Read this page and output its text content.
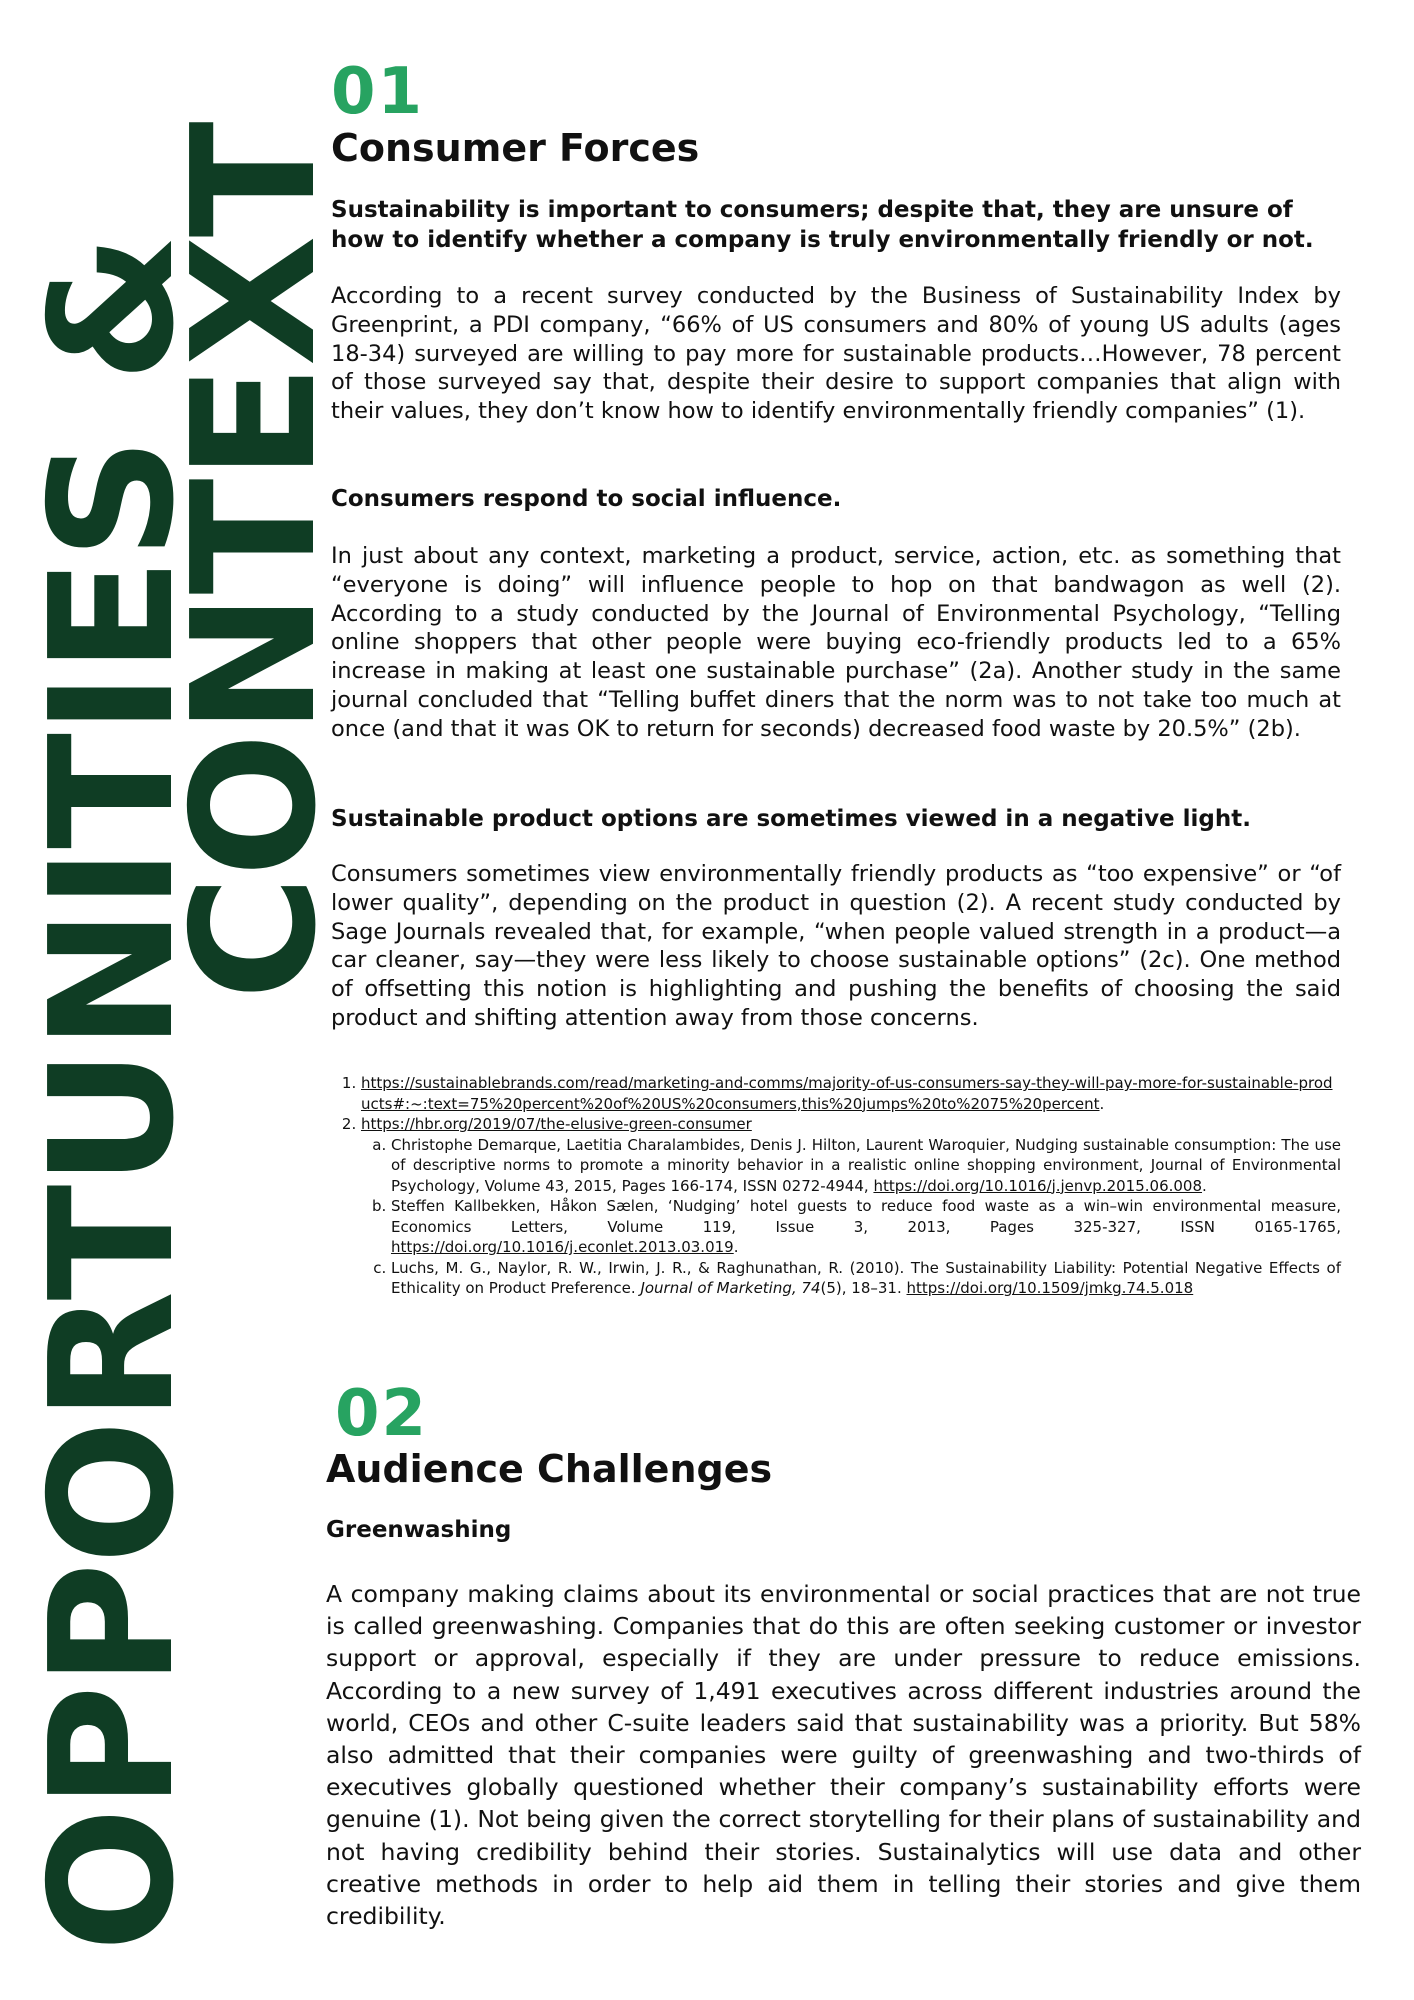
OPPORTUNITIES &
CONTEXT
01
Consumer Forces
Sustainability is important to consumers; despite that, they are unsure of how to identify whether a company is truly environmentally friendly or not.
According to a recent survey conducted by the Business of Sustainability Index by Greenprint, a PDI company, “66% of US consumers and 80% of young US adults (ages 18-34) surveyed are willing to pay more for sustainable products…However, 78 percent of those surveyed say that, despite their desire to support companies that align with their values, they don’t know how to identify environmentally friendly companies” (1).
Consumers respond to social influence.
In just about any context, marketing a product, service, action, etc. as something that “everyone is doing” will influence people to hop on that bandwagon as well (2). According to a study conducted by the Journal of Environmental Psychology, “Telling online shoppers that other people were buying eco-friendly products led to a 65% increase in making at least one sustainable purchase” (2a). Another study in the same journal concluded that “Telling buffet diners that the norm was to not take too much at once (and that it was OK to return for seconds) decreased food waste by 20.5%” (2b).
Sustainable product options are sometimes viewed in a negative light.
Consumers sometimes view environmentally friendly products as “too expensive” or “of lower quality”, depending on the product in question (2). A recent study conducted by Sage Journals revealed that, for example, “when people valued strength in a product—a car cleaner, say—they were less likely to choose sustainable options” (2c). One method of offsetting this notion is highlighting and pushing the benefits of choosing the said product and shifting attention away from those concerns.
1. https://sustainablebrands.com/read/marketing-and-comms/majority-of-us-consumers-say-they-will-pay-more-for-sustainable-products#:~:text=75%20percent%20of%20US%20consumers,this%20jumps%20to%2075%20percent.
2. https://hbr.org/2019/07/the-elusive-green-consumer
a. Christophe Demarque, Laetitia Charalambides, Denis J. Hilton, Laurent Waroquier, Nudging sustainable consumption: The use of descriptive norms to promote a minority behavior in a realistic online shopping environment, Journal of Environmental Psychology, Volume 43, 2015, Pages 166-174, ISSN 0272-4944, https://doi.org/10.1016/j.jenvp.2015.06.008.
b. Steffen Kallbekken, Håkon Sælen, ‘Nudging’ hotel guests to reduce food waste as a win–win environmental measure, Economics Letters, Volume 119, Issue 3, 2013, Pages 325-327, ISSN 0165-1765, https://doi.org/10.1016/j.econlet.2013.03.019.
c. Luchs, M. G., Naylor, R. W., Irwin, J. R., & Raghunathan, R. (2010). The Sustainability Liability: Potential Negative Effects of Ethicality on Product Preference. Journal of Marketing, 74(5), 18–31. https://doi.org/10.1509/jmkg.74.5.018
02
Audience Challenges
Greenwashing
A company making claims about its environmental or social practices that are not true is called greenwashing. Companies that do this are often seeking customer or investor support or approval, especially if they are under pressure to reduce emissions. According to a new survey of 1,491 executives across different industries around the world, CEOs and other C-suite leaders said that sustainability was a priority. But 58% also admitted that their companies were guilty of greenwashing and two-thirds of executives globally questioned whether their company’s sustainability efforts were genuine (1). Not being given the correct storytelling for their plans of sustainability and not having credibility behind their stories. Sustainalytics will use data and other creative methods in order to help aid them in telling their stories and give them credibility.
